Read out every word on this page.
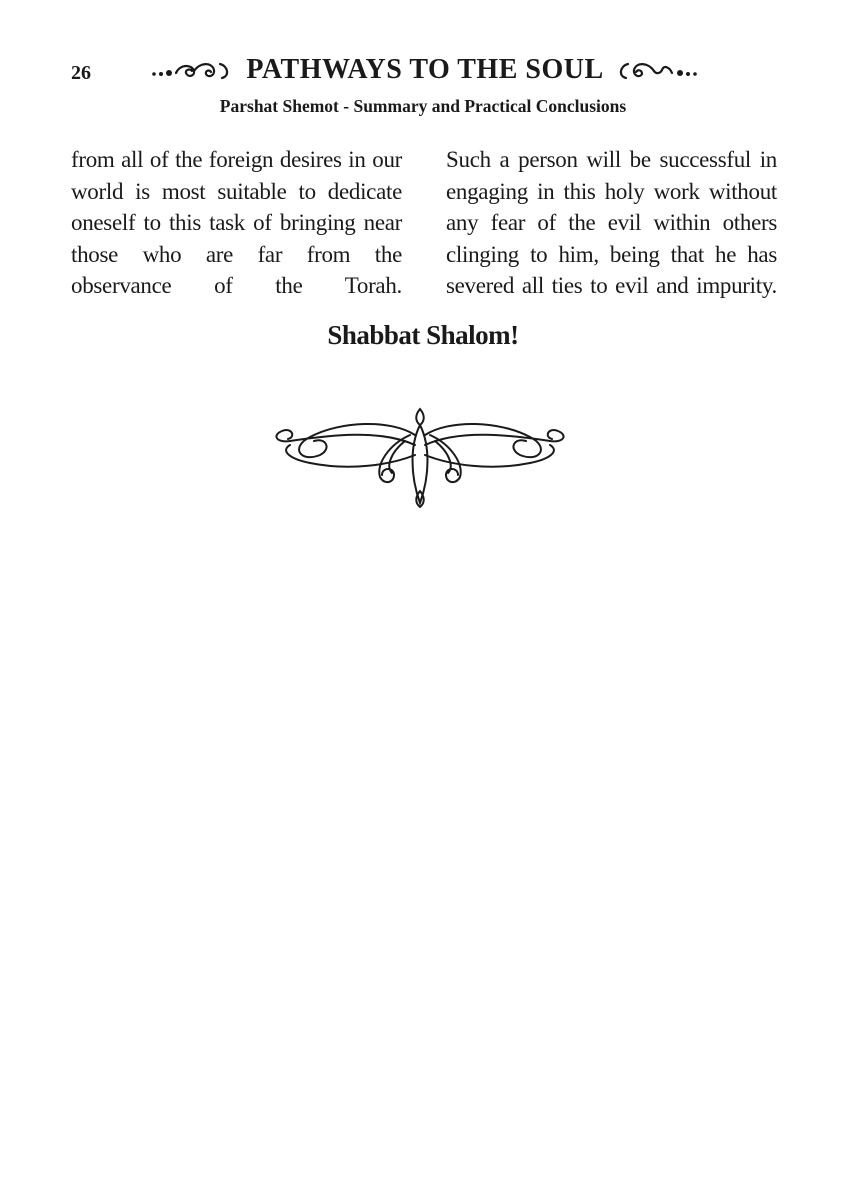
26	PATHWAYS TO THE SOUL
Parshat Shemot - Summary and Practical Conclusions

from all of the foreign desires in our world is most suitable to dedicate oneself to this task of bringing near those who are far from the observance of the Torah.

Such a person will be successful in engaging in this holy work without any fear of the evil within others clinging to him, being that he has severed all ties to evil and impurity.

Shabbat Shalom!
